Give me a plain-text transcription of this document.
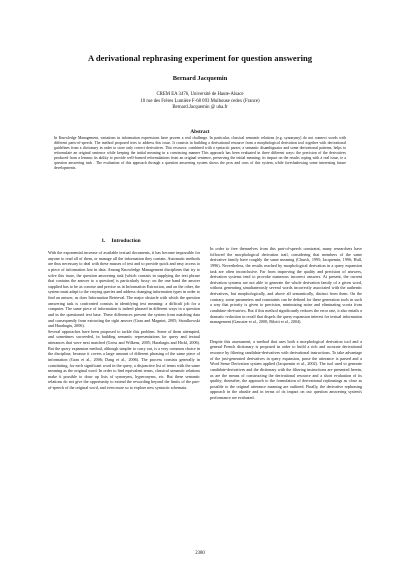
A derivational rephrasing experiment for question answering
Bernard Jacquemin
CREM EA 3476, Université de Haute-Alsace
10 rue des Frères Lumière F-68 093 Mulhouse cedex (France)
Bernard.Jacquemin @ uha.fr
Abstract
In Knowledge Management, variations in information expressions have proven a real challenge. In particular, classical semantic relations (e.g. synonymy) do not connect words with different parts-of-speech. The method proposed tries to address this issue. It consists in building a derivational resource from a morphological derivation tool together with derivational guidelines from a dictionary in order to store only correct derivatives. This resource, combined with a syntactic parser, a semantic disambiguator and some derivational patterns, helps to reformulate an original sentence while keeping the initial meaning in a convincing manner This approach has been evaluated in three different ways: the precision of the derivatives produced from a lemma; its ability to provide well-formed reformulations from an original sentence, preserving the initial meaning; its impact on the results coping with a real issue, ie a question answering task . The evaluation of this approach through a question answering system shows the pros and cons of this system, while foreshadowing some interesting future developments.
1. Introduction

With the exponential increase of available textual documents, it has become impossible for anyone to read all of them, or manage all the information they contain. Automatic methods are thus necessary to deal with these masses of text and to provide quick and easy access to a piece of information lost in data. Among Knowledge Management disciplines that try to solve this issue, the question answering task [which consists in supplying the text phrase that contains the answer to a question] is particularly fussy: on the one hand the answer supplied has to be as concise and precise as in Information Extraction, and on the other, the system must adapt to the varying queries and address changing information types in order to find an answer, as does Information Retrieval. The major obstacle with which the question answering task is confronted consists in identifying text meaning: a difficult job for a computer. The same piece of information is indeed phrased in different ways in a question and in the questioned text base. These differences prevent the system from matching data and consequently from extracting the right answer (Grau and Magnini, 2005; Strzalkowski and Harabagiu, 2006).

Several approaches have been proposed to tackle this problem. Some of them attempted, and sometimes succeeded, in building semantic representations for query and textual utterances that were next matched (Gross and Wilkens, 2005; Harabagiu and Hickl, 2006). But the query expansion method, although simpler to carry out, is a very common choice in the discipline, because it covers a large amount of different phrasing of the same piece of information (Grau et al., 2006; Dang et al., 2006). The process consists generally in constituting, for each significant word in the query, a disjunctive list of terms with the same meaning as the original word. In order to find equivalent terms, classical semantic relations make it possible to draw up lists of synonyms, hyperonyms, etc. But these semantic relations do not give the opportunity to extend the rewording beyond the limits of the part-of-speech of the original word, and even more so to explore new syntactic schemata.

In order to free themselves from this part-of-speech constraint, many researchers have followed the morphological derivation trail, considering that members of the same derivative family have roughly the same meaning (Church, 1995; Jacquemin, 1996; Hull, 1996). Nevertheless, the results reached by morphological derivation in a query expansion task are often inconclusive. Far from improving the quality and precision of answers, derivation systems tend to provoke numerous incorrect answers. At present, the current derivation systems are not able to generate the whole derivation family of a given word, without generating simultaneously several words incorrectly associated with the authentic derivatives, but morphologically, and above all semantically, distinct from them. On the contrary, some parameters and constraints can be defined for these generation tools in such a way that priority is given to precision, minimizing noise and eliminating scoria from candidate-derivatives. But if this method significantly reduces the error rate, it also entails a dramatic reduction in recall that dispels the query expansion interest for textual information management (Gaussier et al., 2000; Bilotti et al., 2004).

Despite this assessment, a method that uses both a morphological derivation tool and a general French dictionary is proposed in order to build a rich and accurate derivational resource by filtering candidate-derivatives with derivational instructions. To take advantage of the just-generated derivatives in query expansion, parse the utterance is parsed and a Word Sense Derivation system applied (Jacquemin et al., 2002). The tool used to generate candidate-derivatives and the dictionary with the filtering instructions are presented herein, as are the means of constructing the derivational resource and a short evaluation of its quality; thereafter, the approach to the formulation of derivational rephrasings as close as possible to the original utterance meaning are outlined. Finally, the derivative rephrasing approach in the abuslte and in terms of its impact on our question answering system's performance are evaluated.

2380
